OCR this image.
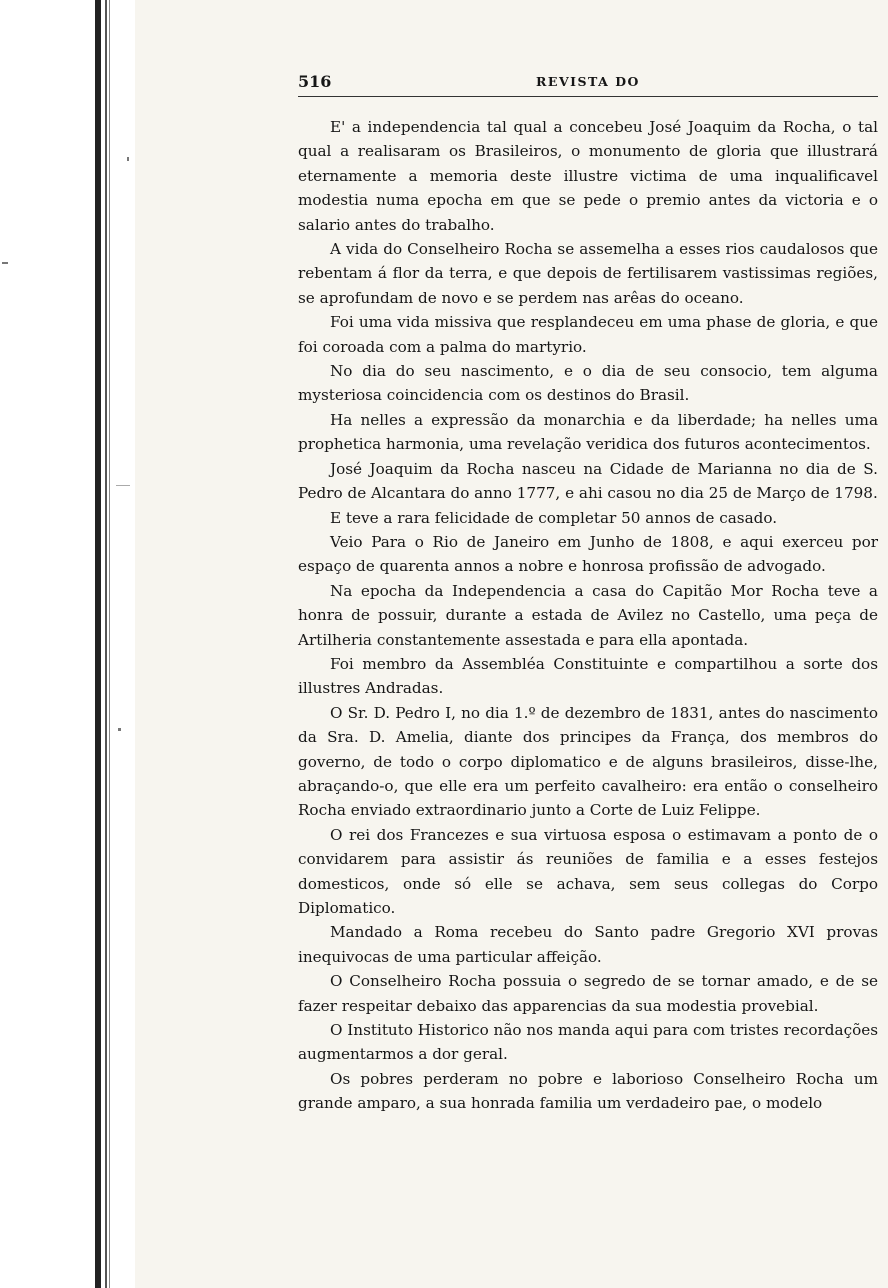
516	REVISTA DO

E' a independencia tal qual a concebeu José Joaquim da Rocha, o tal qual a realisaram os Brasileiros, o monumento de gloria que illustrará eternamente a memoria deste illustre victima de uma inqualificavel modestia numa epocha em que se pede o premio antes da victoria e o salario antes do trabalho.

A vida do Conselheiro Rocha se assemelha a esses rios caudalosos que rebentam á flor da terra, e que depois de fertilisarem vastissimas regiões, se aprofundam de novo e se perdem nas arêas do oceano.

Foi uma vida missiva que resplandeceu em uma phase de gloria, e que foi coroada com a palma do martyrio.

No dia do seu nascimento, e o dia de seu consocio, tem alguma mysteriosa coincidencia com os destinos do Brasil.

Ha nelles a expressão da monarchia e da liberdade; ha nelles uma prophetica harmonia, uma revelação veridica dos futuros acontecimentos.

José Joaquim da Rocha nasceu na Cidade de Marianna no dia de S. Pedro de Alcantara do anno 1777, e ahi casou no dia 25 de Março de 1798.

E teve a rara felicidade de completar 50 annos de casado.

Veio Para o Rio de Janeiro em Junho de 1808, e aqui exerceu por espaço de quarenta annos a nobre e honrosa profissão de advogado.

Na epocha da Independencia a casa do Capitão Mor Rocha teve a honra de possuir, durante a estada de Avilez no Castello, uma peça de Artilheria constantemente assestada e para ella apontada.

Foi membro da Assembléa Constituinte e compartilhou a sorte dos illustres Andradas.

O Sr. D. Pedro I, no dia 1.º de dezembro de 1831, antes do nascimento da Sra. D. Amelia, diante dos principes da França, dos membros do governo, de todo o corpo diplomatico e de alguns brasileiros, disse-lhe, abraçando-o, que elle era um perfeito cavalheiro: era então o conselheiro Rocha enviado extraordinario junto a Corte de Luiz Felippe.

O rei dos Francezes e sua virtuosa esposa o estimavam a ponto de o convidarem para assistir ás reuniões de familia e a esses festejos domesticos, onde só elle se achava, sem seus collegas do Corpo Diplomatico.

Mandado a Roma recebeu do Santo padre Gregorio XVI provas inequivocas de uma particular affeição.

O Conselheiro Rocha possuia o segredo de se tornar amado, e de se fazer respeitar debaixo das apparencias da sua modestia provebial.

O Instituto Historico não nos manda aqui para com tristes recordações augmentarmos a dor geral.

Os pobres perderam no pobre e laborioso Conselheiro Rocha um grande amparo, a sua honrada familia um verdadeiro pae, o modelo
